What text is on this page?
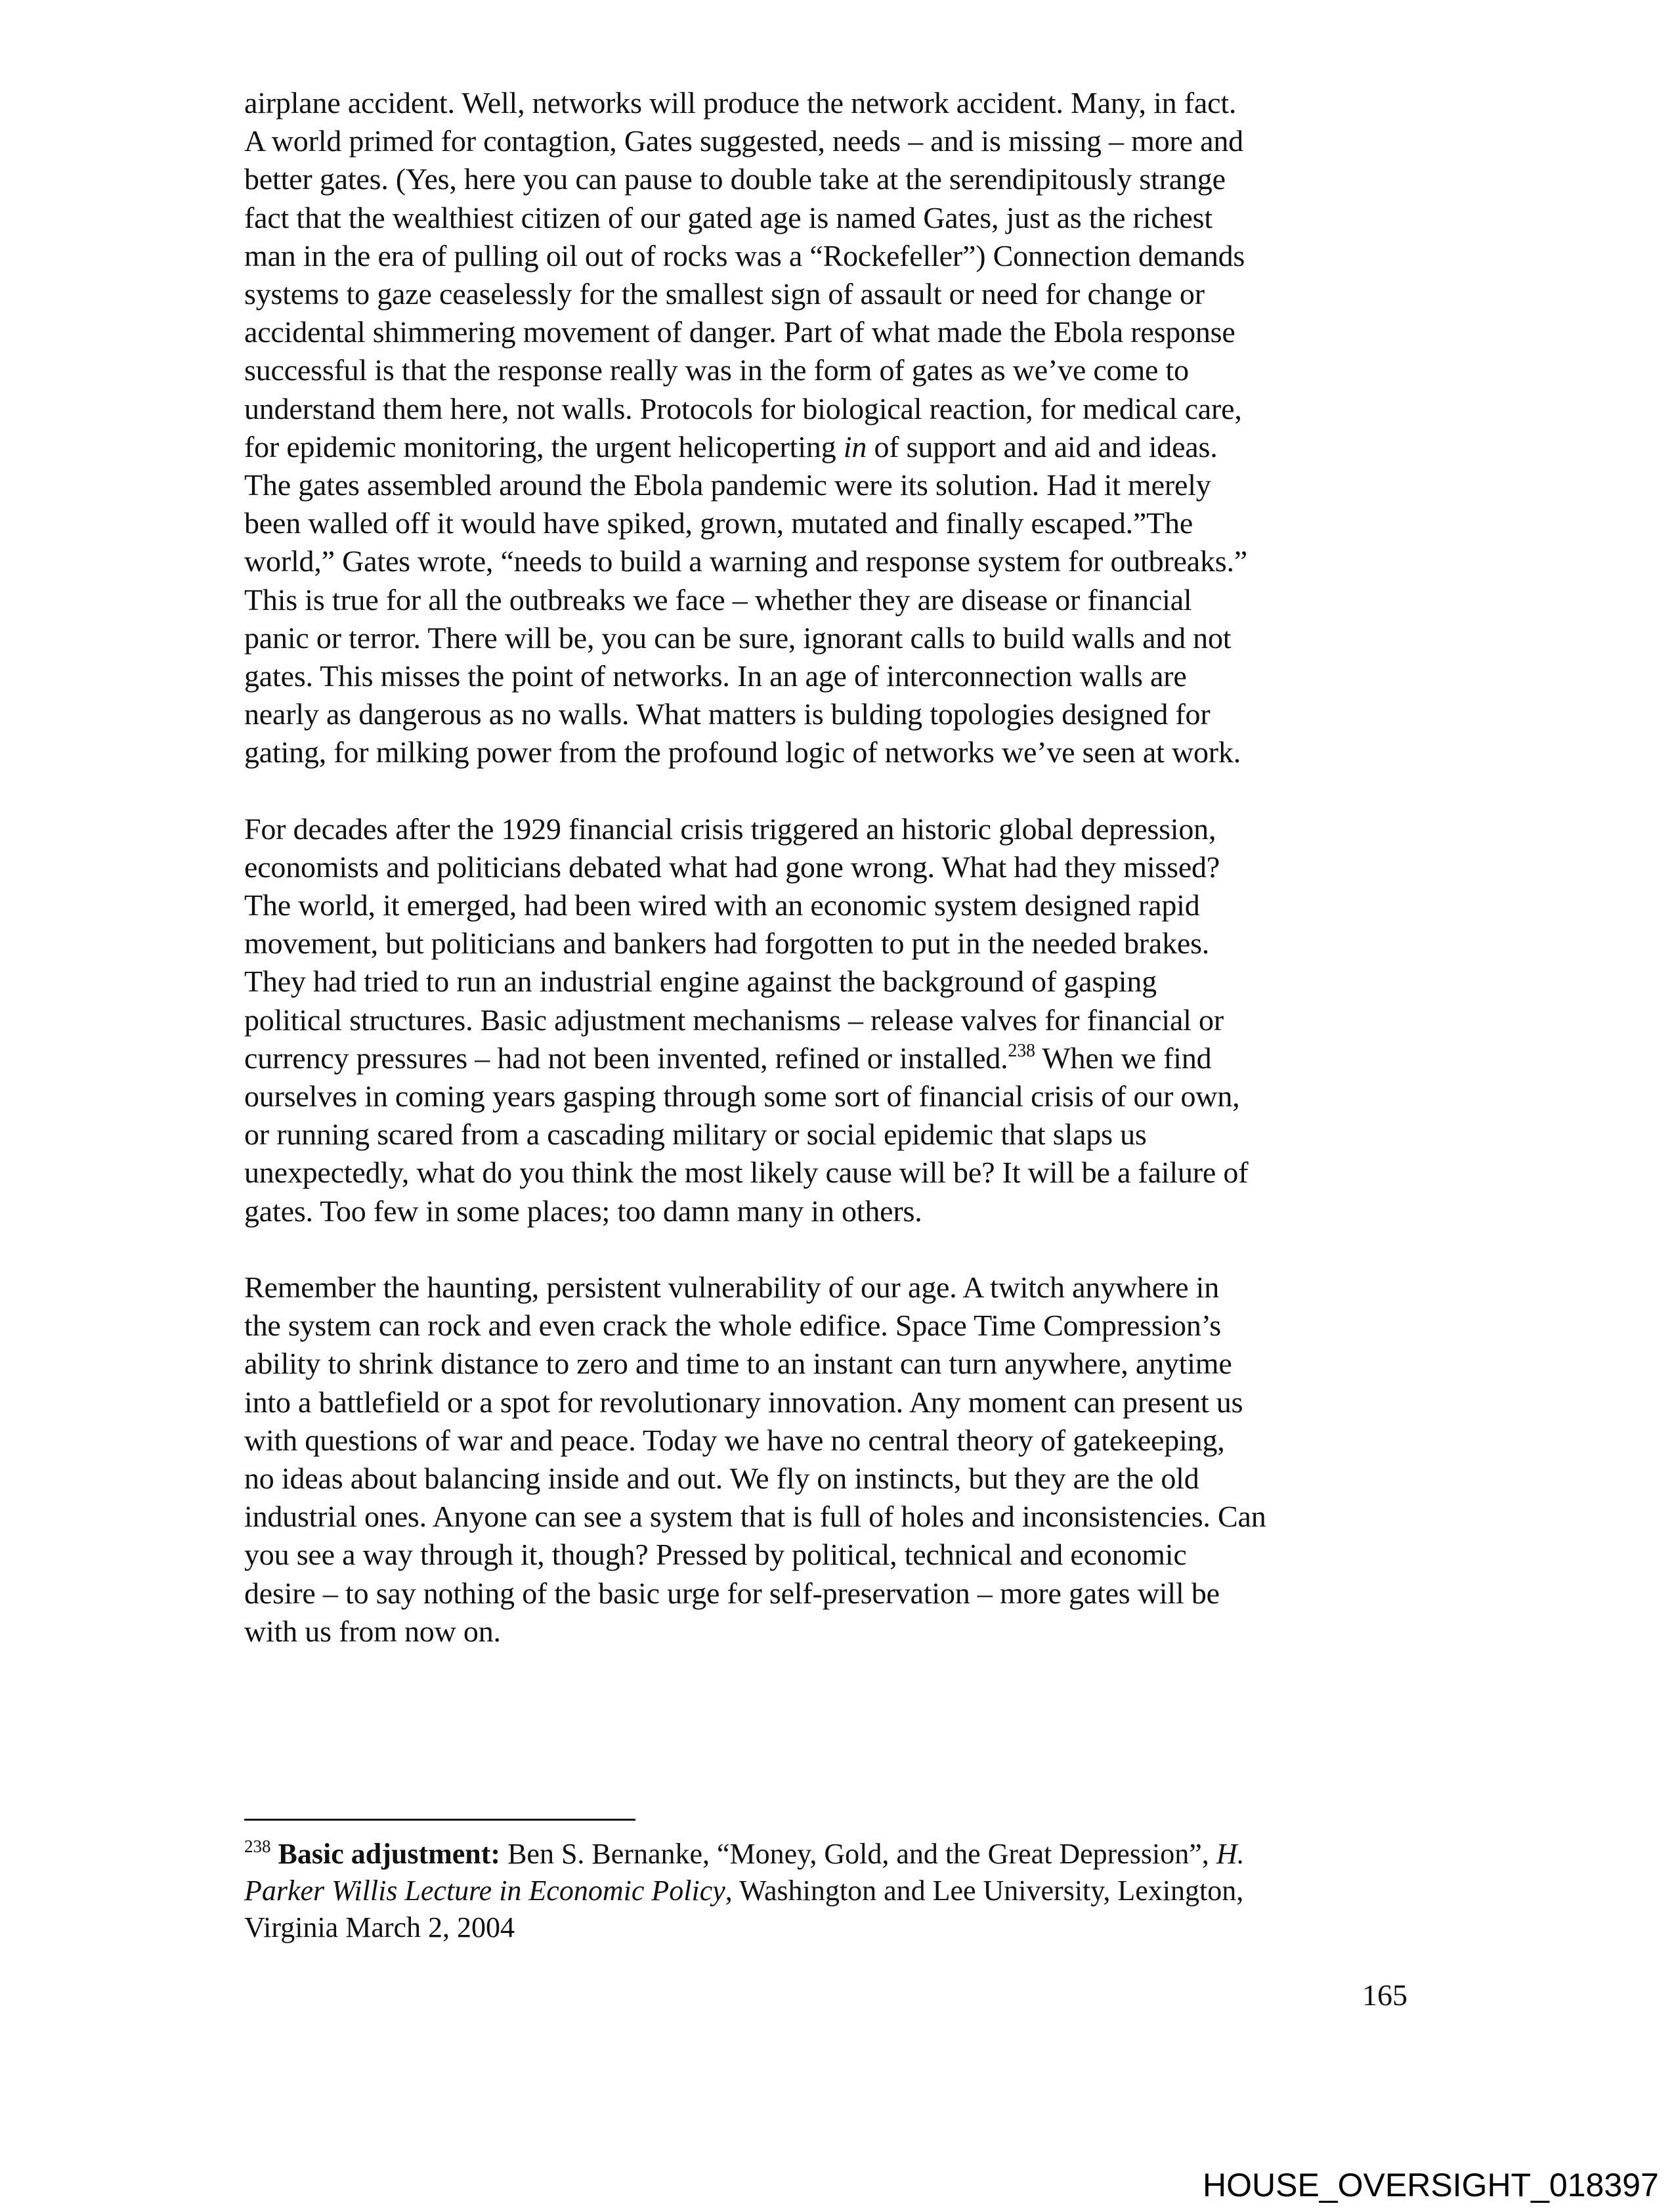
airplane accident. Well, networks will produce the network accident. Many, in fact.
A world primed for contagtion, Gates suggested, needs – and is missing – more and
better gates. (Yes, here you can pause to double take at the serendipitously strange
fact that the wealthiest citizen of our gated age is named Gates, just as the richest
man in the era of pulling oil out of rocks was a “Rockefeller”) Connection demands
systems to gaze ceaselessly for the smallest sign of assault or need for change or
accidental shimmering movement of danger. Part of what made the Ebola response
successful is that the response really was in the form of gates as we’ve come to
understand them here, not walls. Protocols for biological reaction, for medical care,
for epidemic monitoring, the urgent helicoperting in of support and aid and ideas.
The gates assembled around the Ebola pandemic were its solution. Had it merely
been walled off it would have spiked, grown, mutated and finally escaped.”The
world,” Gates wrote, “needs to build a warning and response system for outbreaks.”
This is true for all the outbreaks we face – whether they are disease or financial
panic or terror. There will be, you can be sure, ignorant calls to build walls and not
gates. This misses the point of networks. In an age of interconnection walls are
nearly as dangerous as no walls. What matters is bulding topologies designed for
gating, for milking power from the profound logic of networks we’ve seen at work.

For decades after the 1929 financial crisis triggered an historic global depression,
economists and politicians debated what had gone wrong. What had they missed?
The world, it emerged, had been wired with an economic system designed rapid
movement, but politicians and bankers had forgotten to put in the needed brakes.
They had tried to run an industrial engine against the background of gasping
political structures. Basic adjustment mechanisms – release valves for financial or
currency pressures – had not been invented, refined or installed.$^{238}$ When we find
ourselves in coming years gasping through some sort of financial crisis of our own,
or running scared from a cascading military or social epidemic that slaps us
unexpectedly, what do you think the most likely cause will be? It will be a failure of
gates. Too few in some places; too damn many in others.

Remember the haunting, persistent vulnerability of our age. A twitch anywhere in
the system can rock and even crack the whole edifice. Space Time Compression’s
ability to shrink distance to zero and time to an instant can turn anywhere, anytime
into a battlefield or a spot for revolutionary innovation. Any moment can present us
with questions of war and peace. Today we have no central theory of gatekeeping,
no ideas about balancing inside and out. We fly on instincts, but they are the old
industrial ones. Anyone can see a system that is full of holes and inconsistencies. Can
you see a way through it, though? Pressed by political, technical and economic
desire – to say nothing of the basic urge for self-preservation – more gates will be
with us from now on.

$^{238}$ Basic adjustment: Ben S. Bernanke, “Money, Gold, and the Great Depression”, H.
Parker Willis Lecture in Economic Policy, Washington and Lee University, Lexington,
Virginia March 2, 2004
165
HOUSE_OVERSIGHT_018397
